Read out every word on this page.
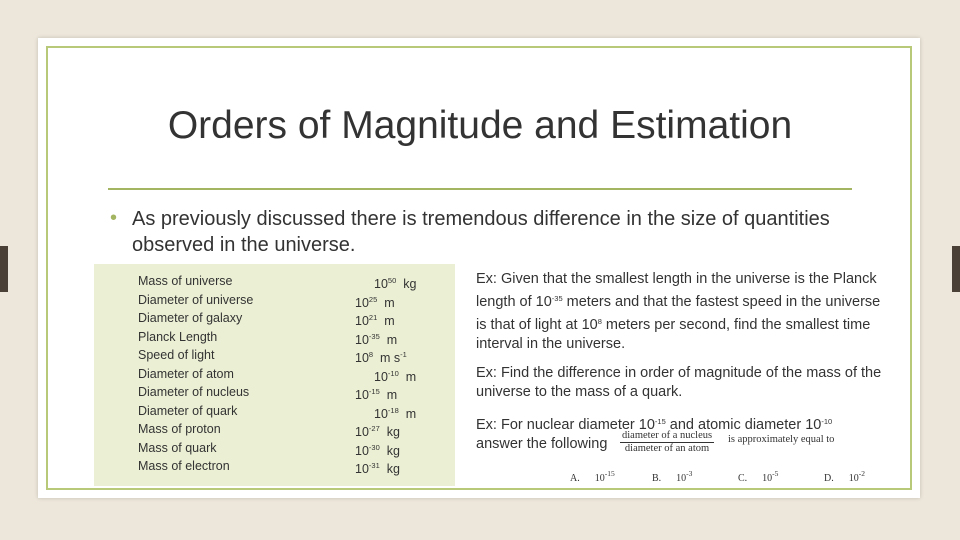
Orders of Magnitude and Estimation
• As previously discussed there is tremendous difference in the size of quantities observed in the universe.
Mass of universe	$10^{50}$  kg
Diameter of universe	$10^{25}$  m
Diameter of galaxy	$10^{21}$  m
Planck Length	$10^{-35}$  m
Speed of light	$10^8$  m $s^{-1}$
Diameter of atom	$10^{-10}$  m
Diameter of nucleus	$10^{-15}$  m
Diameter of quark	$10^{-18}$  m
Mass of proton	$10^{-27}$  kg
Mass of quark	$10^{-30}$  kg
Mass of electron	$10^{-31}$  kg
Ex: Given that the smallest length in the universe is the Planck length of $10^{-35}$ meters and that the fastest speed in the universe is that of light at $10^8$ meters per second, find the smallest time interval in the universe.
Ex: Find the difference in order of magnitude of the mass of the universe to the mass of a quark.
Ex: For nuclear diameter $10^{-15}$ and atomic diameter $10^{-10}$
answer the following
diameter of a nucleus
diameter of an atom
is approximately equal to
A.      $10^{-15}$	B.      $10^{-3}$	C.      $10^{-5}$	D.      $10^{-2}$
